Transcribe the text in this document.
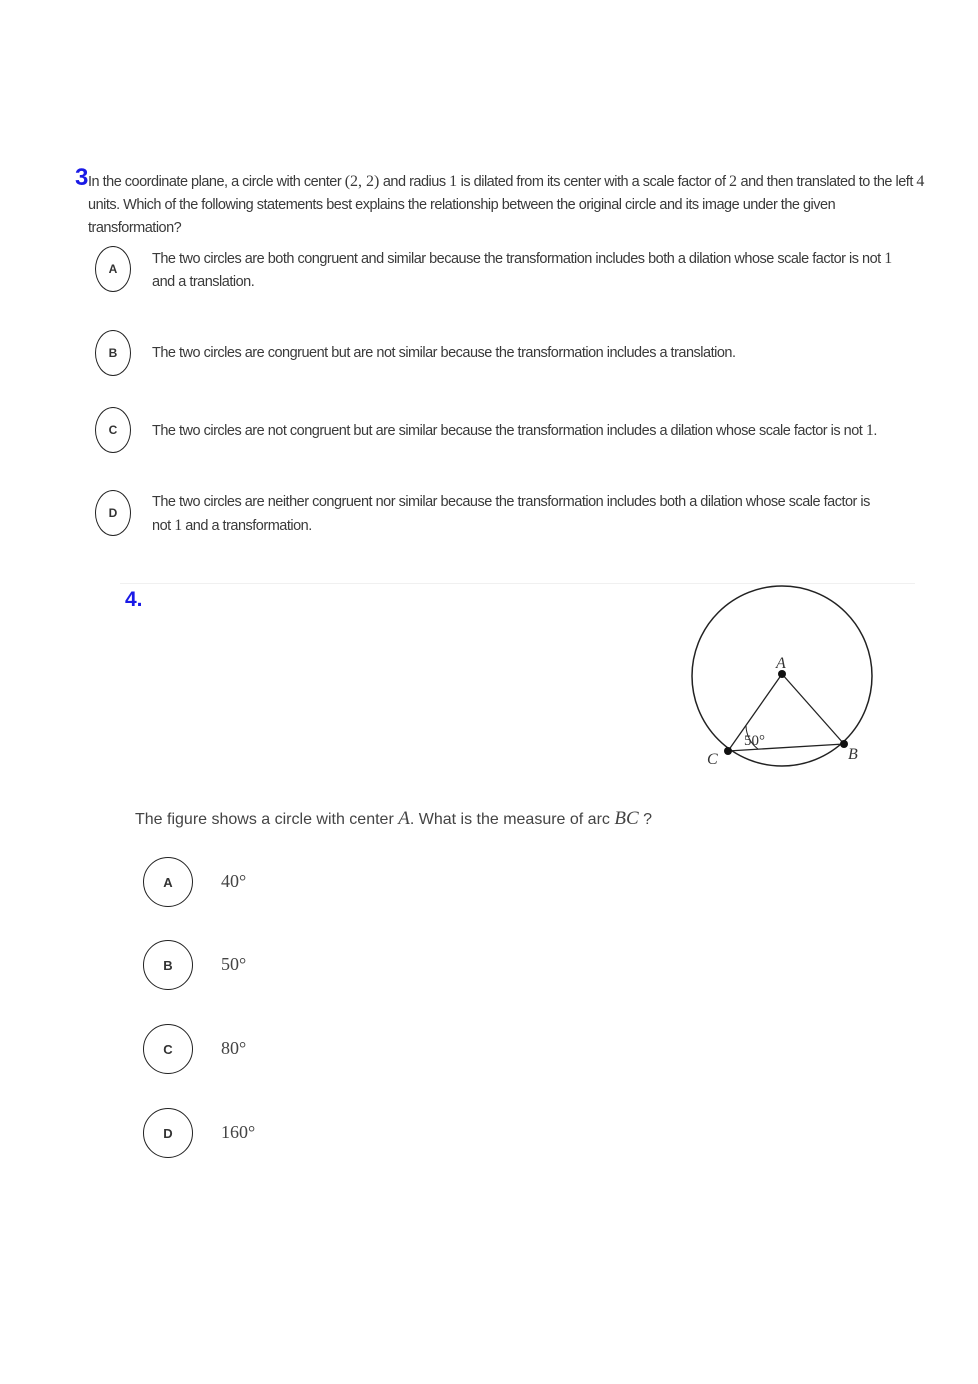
3 In the coordinate plane, a circle with center (2, 2) and radius 1 is dilated from its center with a scale factor of 2 and then translated to the left 4 units. Which of the following statements best explains the relationship between the original circle and its image under the given transformation?
A
The two circles are both congruent and similar because the transformation includes both a dilation whose scale factor is not 1 and a translation.
B	The two circles are congruent but are not similar because the transformation includes a translation.
C	The two circles are not congruent but are similar because the transformation includes a dilation whose scale factor is not 1.
D
The two circles are neither congruent nor similar because the transformation includes both a dilation whose scale factor is not 1 and a transformation.
4.
A
B
C
50°
The figure shows a circle with center A. What is the measure of arc BC ?
A	40°
B	50°
C	80°
D	160°
